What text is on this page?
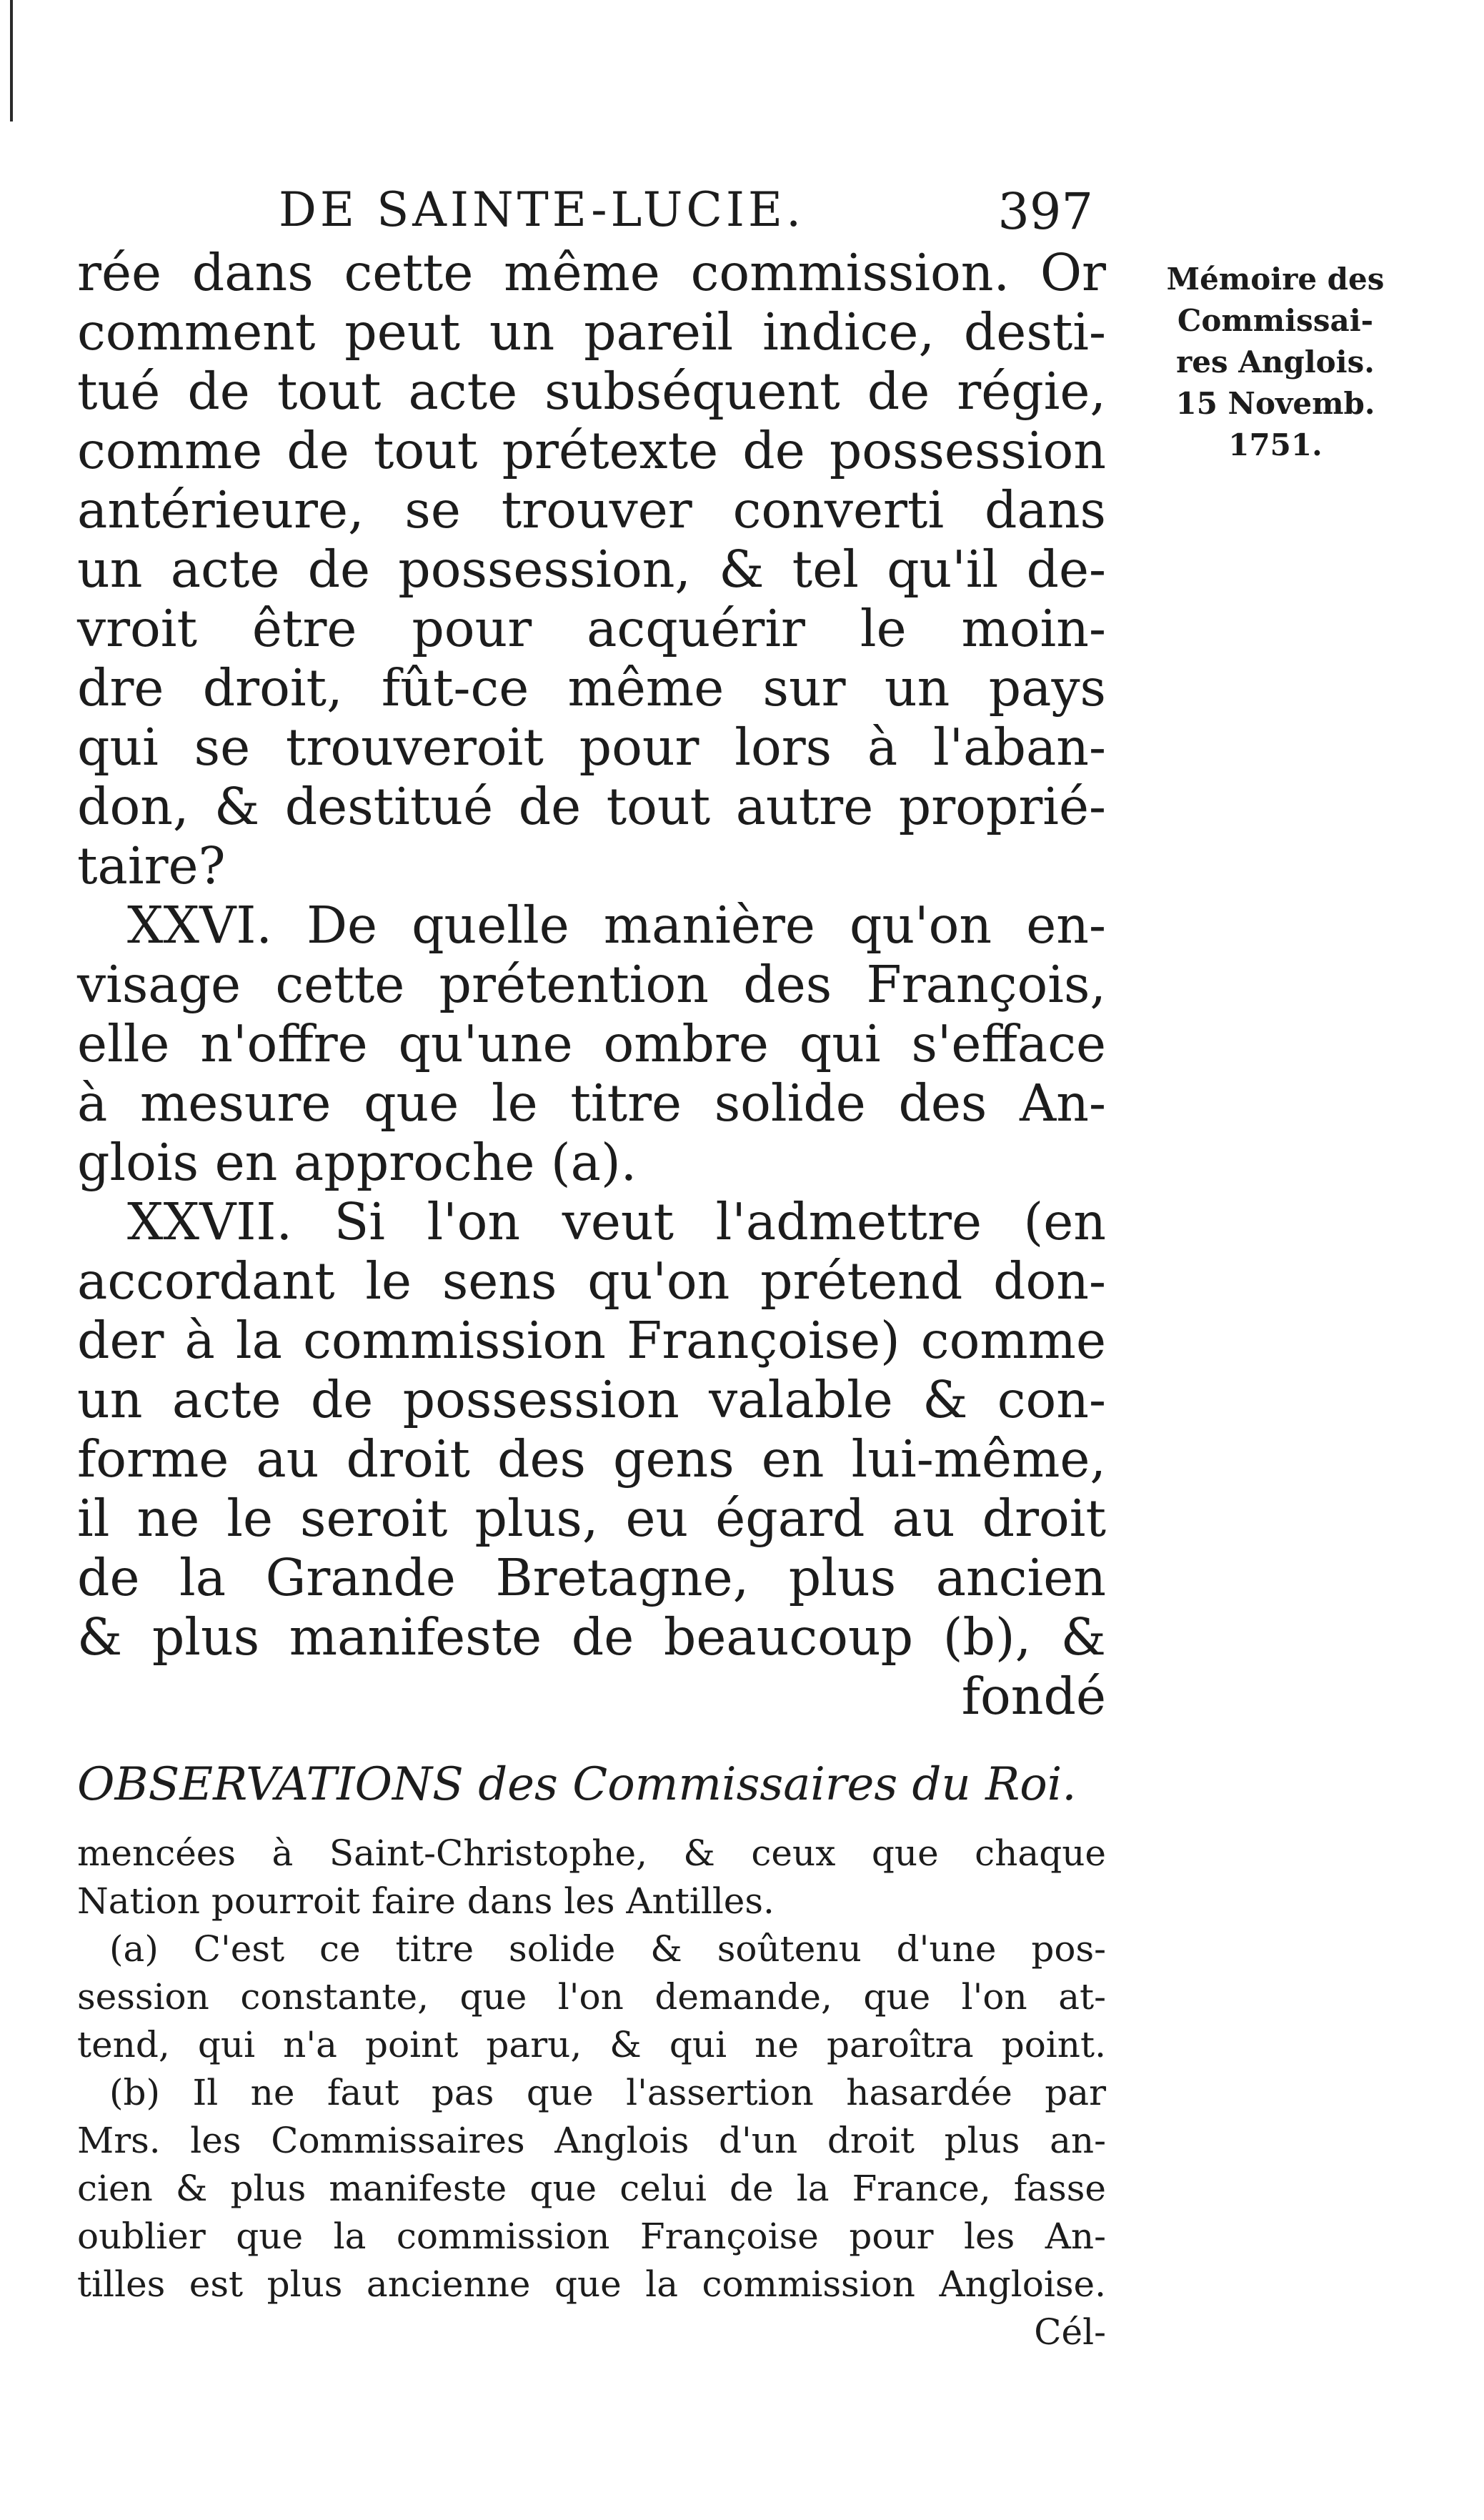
DE SAINTE-LUCIE.	397
rée dans cette même commission. Or
comment peut un pareil indice, desti-
tué de tout acte subséquent de régie,
comme de tout prétexte de possession
antérieure, se trouver converti dans
un acte de possession, & tel qu'il de-
vroit être pour acquérir le moin-
dre droit, fût-ce même sur un pays
qui se trouveroit pour lors à l'aban-
don, & destitué de tout autre proprié-
taire?
XXVI. De quelle manière qu'on en-
visage cette prétention des François,
elle n'offre qu'une ombre qui s'efface
à mesure que le titre solide des An-
glois en approche (a).
XXVII. Si l'on veut l'admettre (en
accordant le sens qu'on prétend don-
der à la commission Françoise) comme
un acte de possession valable & con-
forme au droit des gens en lui-même,
il ne le seroit plus, eu égard au droit
de la Grande Bretagne, plus ancien
& plus manifeste de beaucoup (b), &
fondé
Mémoire des
Commissai-
res Anglois.
15 Novemb.
1751.
OBSERVATIONS des Commissaires du Roi.
mencées à Saint-Christophe, & ceux que chaque
Nation pourroit faire dans les Antilles.
(a) C'est ce titre solide & soûtenu d'une pos-
session constante, que l'on demande, que l'on at-
tend, qui n'a point paru, & qui ne paroîtra point.
(b) Il ne faut pas que l'assertion hasardée par
Mrs. les Commissaires Anglois d'un droit plus an-
cien & plus manifeste que celui de la France, fasse
oublier que la commission Françoise pour les An-
tilles est plus ancienne que la commission Angloise.
Cél-
